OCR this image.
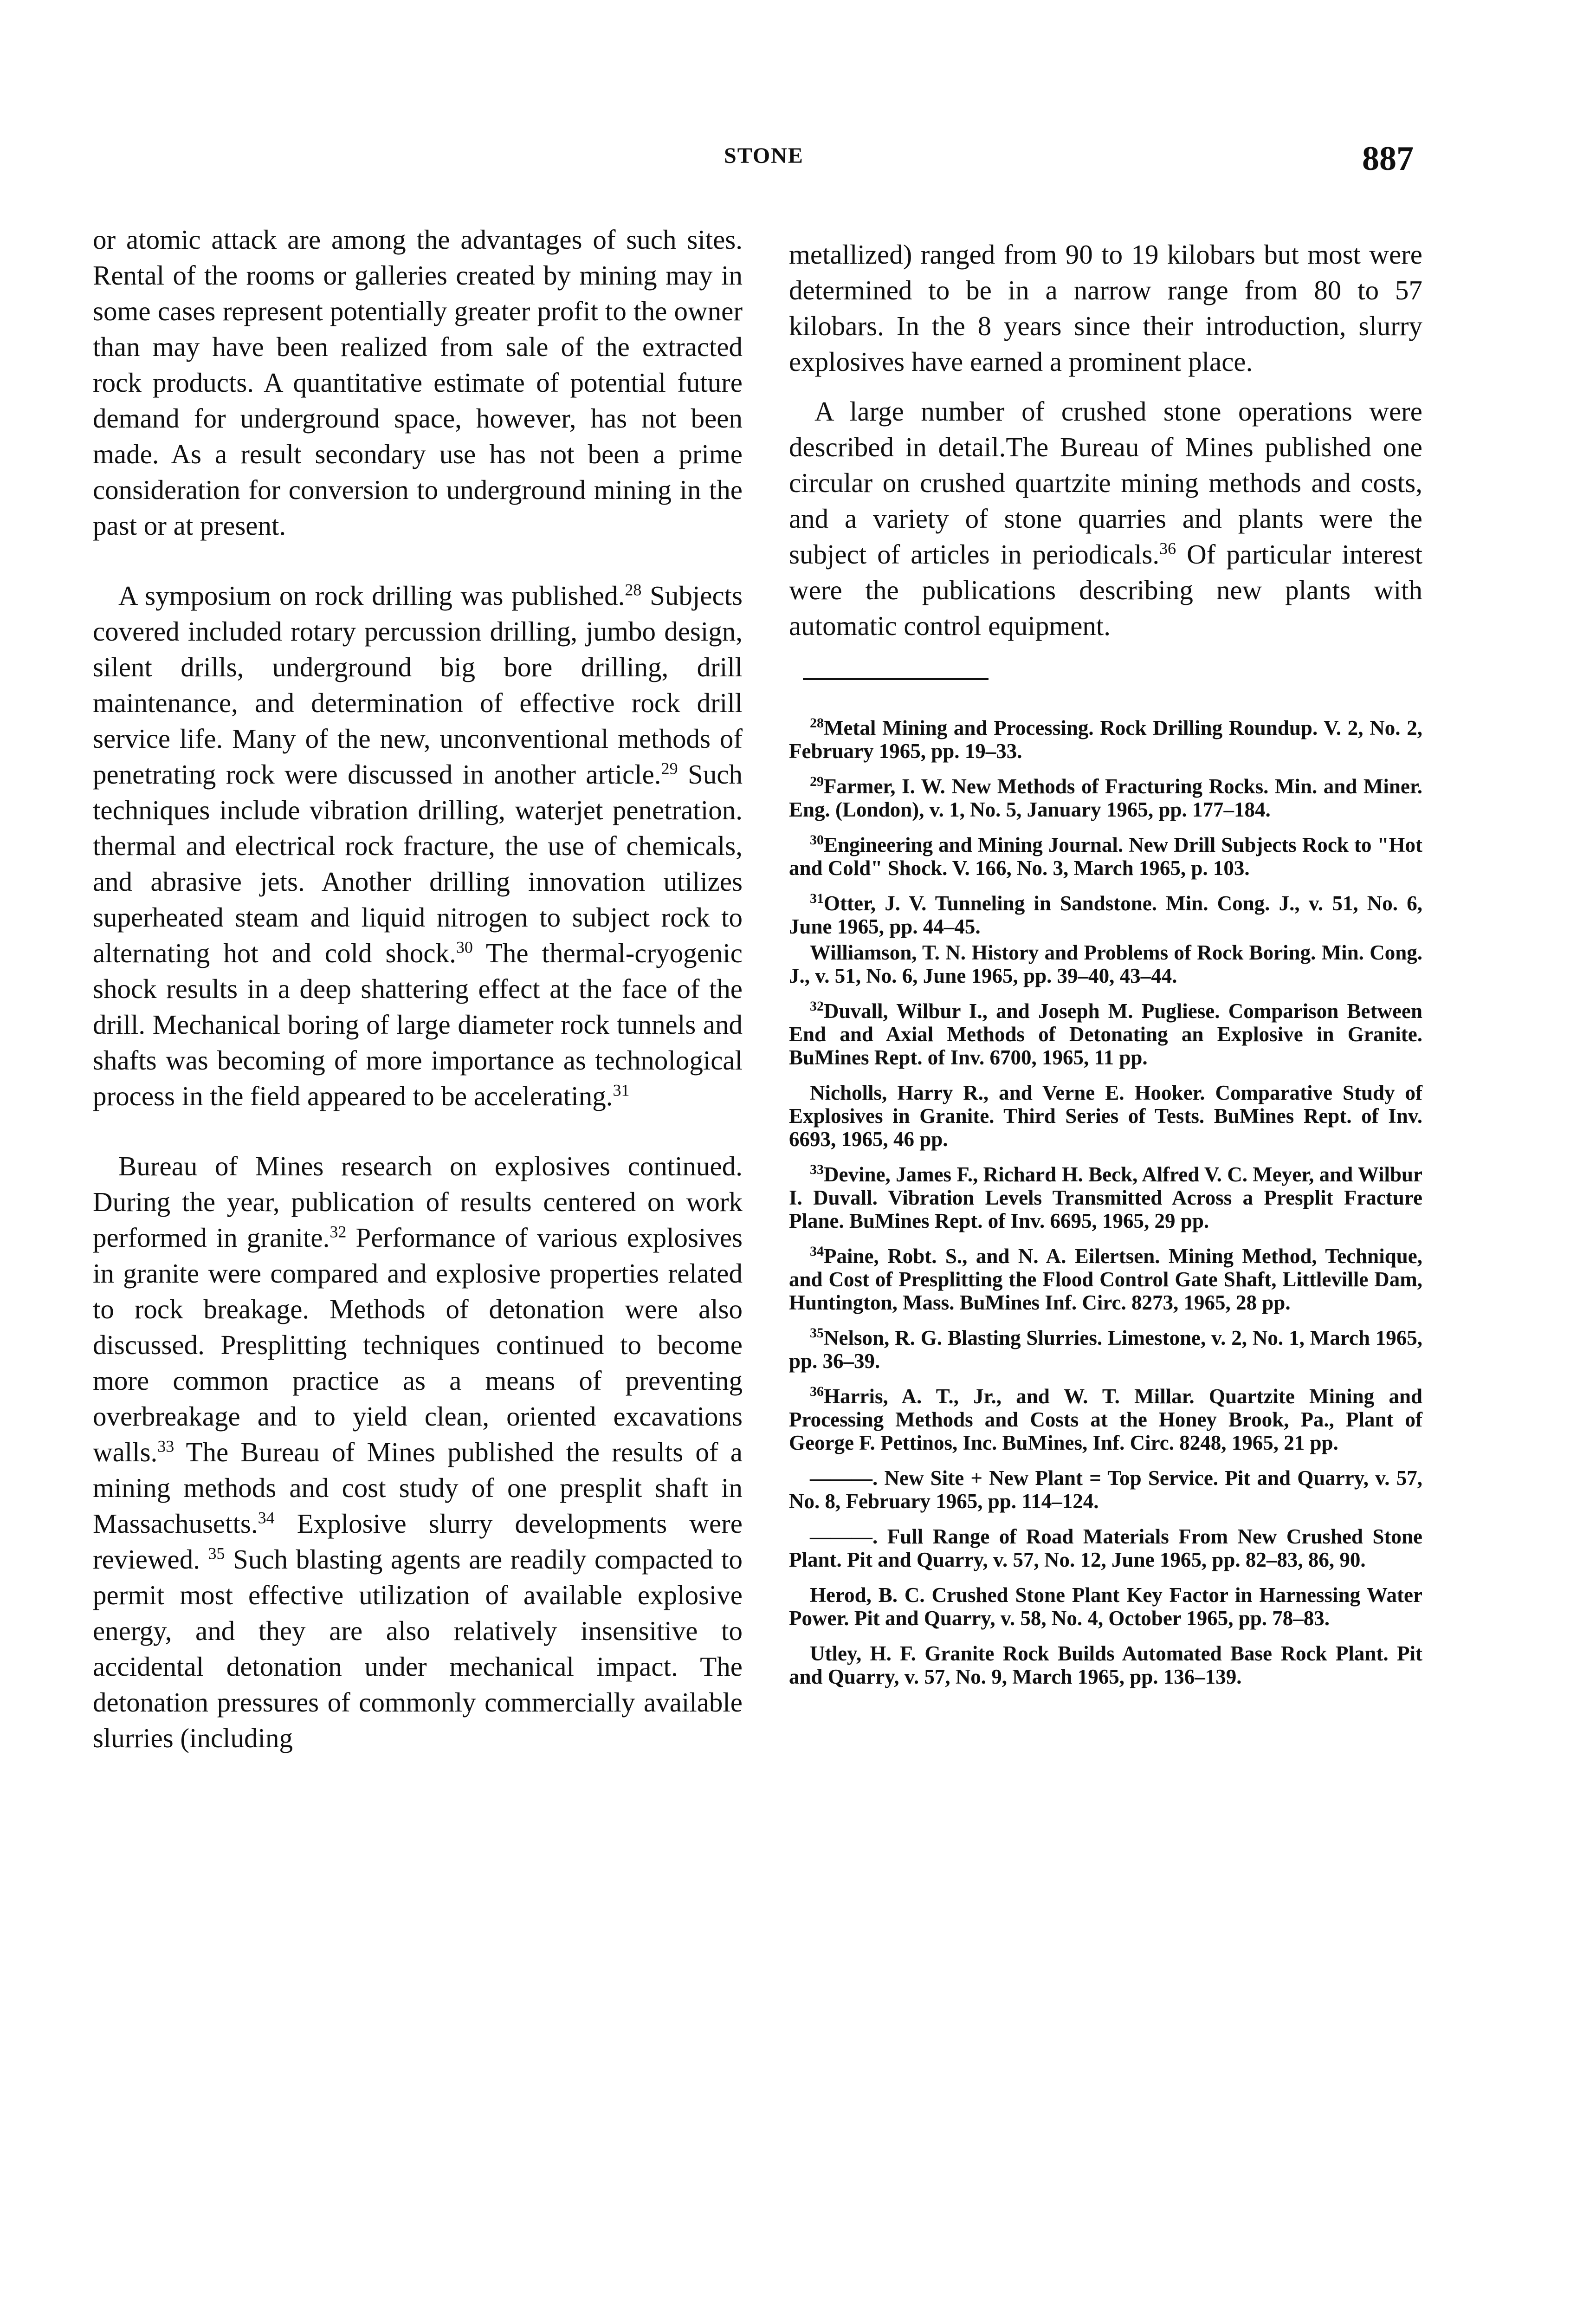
STONE	887

or atomic attack are among the advantages of such sites. Rental of the rooms or galleries created by mining may in some cases represent potentially greater profit to the owner than may have been realized from sale of the extracted rock products. A quantitative estimate of potential future demand for underground space, however, has not been made. As a result secondary use has not been a prime consideration for conversion to underground mining in the past or at present.

A symposium on rock drilling was published.$^{28}$ Subjects covered included rotary percussion drilling, jumbo design, silent drills, underground big bore drilling, drill maintenance, and determination of effective rock drill service life. Many of the new, unconventional methods of penetrating rock were discussed in another article.$^{29}$ Such techniques include vibration drilling, waterjet penetration. thermal and electrical rock fracture, the use of chemicals, and abrasive jets. Another drilling innovation utilizes superheated steam and liquid nitrogen to subject rock to alternating hot and cold shock.$^{30}$ The thermal-cryogenic shock results in a deep shattering effect at the face of the drill. Mechanical boring of large diameter rock tunnels and shafts was becoming of more importance as technological process in the field appeared to be accelerating.$^{31}$

Bureau of Mines research on explosives continued. During the year, publication of results centered on work performed in granite.$^{32}$ Performance of various explosives in granite were compared and explosive properties related to rock breakage. Methods of detonation were also discussed. Presplitting techniques continued to become more common practice as a means of preventing overbreakage and to yield clean, oriented excavations walls.$^{33}$ The Bureau of Mines published the results of a mining methods and cost study of one presplit shaft in Massachusetts.$^{34}$ Explosive slurry developments were reviewed. $^{35}$ Such blasting agents are readily compacted to permit most effective utilization of available explosive energy, and they are also relatively insensitive to accidental detonation under mechanical impact. The detonation pressures of commonly commercially available slurries (including

metallized) ranged from 90 to 19 kilobars but most were determined to be in a narrow range from 80 to 57 kilobars. In the 8 years since their introduction, slurry explosives have earned a prominent place.

A large number of crushed stone operations were described in detail.The Bureau of Mines published one circular on crushed quartzite mining methods and costs, and a variety of stone quarries and plants were the subject of articles in periodicals.$^{36}$ Of particular interest were the publications describing new plants with automatic control equipment.

$^{28}$Metal Mining and Processing. Rock Drilling Roundup. V. 2, No. 2, February 1965, pp. 19–33.

$^{29}$Farmer, I. W. New Methods of Fracturing Rocks. Min. and Miner. Eng. (London), v. 1, No. 5, January 1965, pp. 177–184.

$^{30}$Engineering and Mining Journal. New Drill Subjects Rock to "Hot and Cold" Shock. V. 166, No. 3, March 1965, p. 103.

$^{31}$Otter, J. V. Tunneling in Sandstone. Min. Cong. J., v. 51, No. 6, June 1965, pp. 44–45.

Williamson, T. N. History and Problems of Rock Boring. Min. Cong. J., v. 51, No. 6, June 1965, pp. 39–40, 43–44.

$^{32}$Duvall, Wilbur I., and Joseph M. Pugliese. Comparison Between End and Axial Methods of Detonating an Explosive in Granite. BuMines Rept. of Inv. 6700, 1965, 11 pp.

Nicholls, Harry R., and Verne E. Hooker. Comparative Study of Explosives in Granite. Third Series of Tests. BuMines Rept. of Inv. 6693, 1965, 46 pp.

$^{33}$Devine, James F., Richard H. Beck, Alfred V. C. Meyer, and Wilbur I. Duvall. Vibration Levels Transmitted Across a Presplit Fracture Plane. BuMines Rept. of Inv. 6695, 1965, 29 pp.

$^{34}$Paine, Robt. S., and N. A. Eilertsen. Mining Method, Technique, and Cost of Presplitting the Flood Control Gate Shaft, Littleville Dam, Huntington, Mass. BuMines Inf. Circ. 8273, 1965, 28 pp.

$^{35}$Nelson, R. G. Blasting Slurries. Limestone, v. 2, No. 1, March 1965, pp. 36–39.

$^{36}$Harris, A. T., Jr., and W. T. Millar. Quartzite Mining and Processing Methods and Costs at the Honey Brook, Pa., Plant of George F. Pettinos, Inc. BuMines, Inf. Circ. 8248, 1965, 21 pp.

———. New Site + New Plant = Top Service. Pit and Quarry, v. 57, No. 8, February 1965, pp. 114–124.

———. Full Range of Road Materials From New Crushed Stone Plant. Pit and Quarry, v. 57, No. 12, June 1965, pp. 82–83, 86, 90.

Herod, B. C. Crushed Stone Plant Key Factor in Harnessing Water Power. Pit and Quarry, v. 58, No. 4, October 1965, pp. 78–83.

Utley, H. F. Granite Rock Builds Automated Base Rock Plant. Pit and Quarry, v. 57, No. 9, March 1965, pp. 136–139.
